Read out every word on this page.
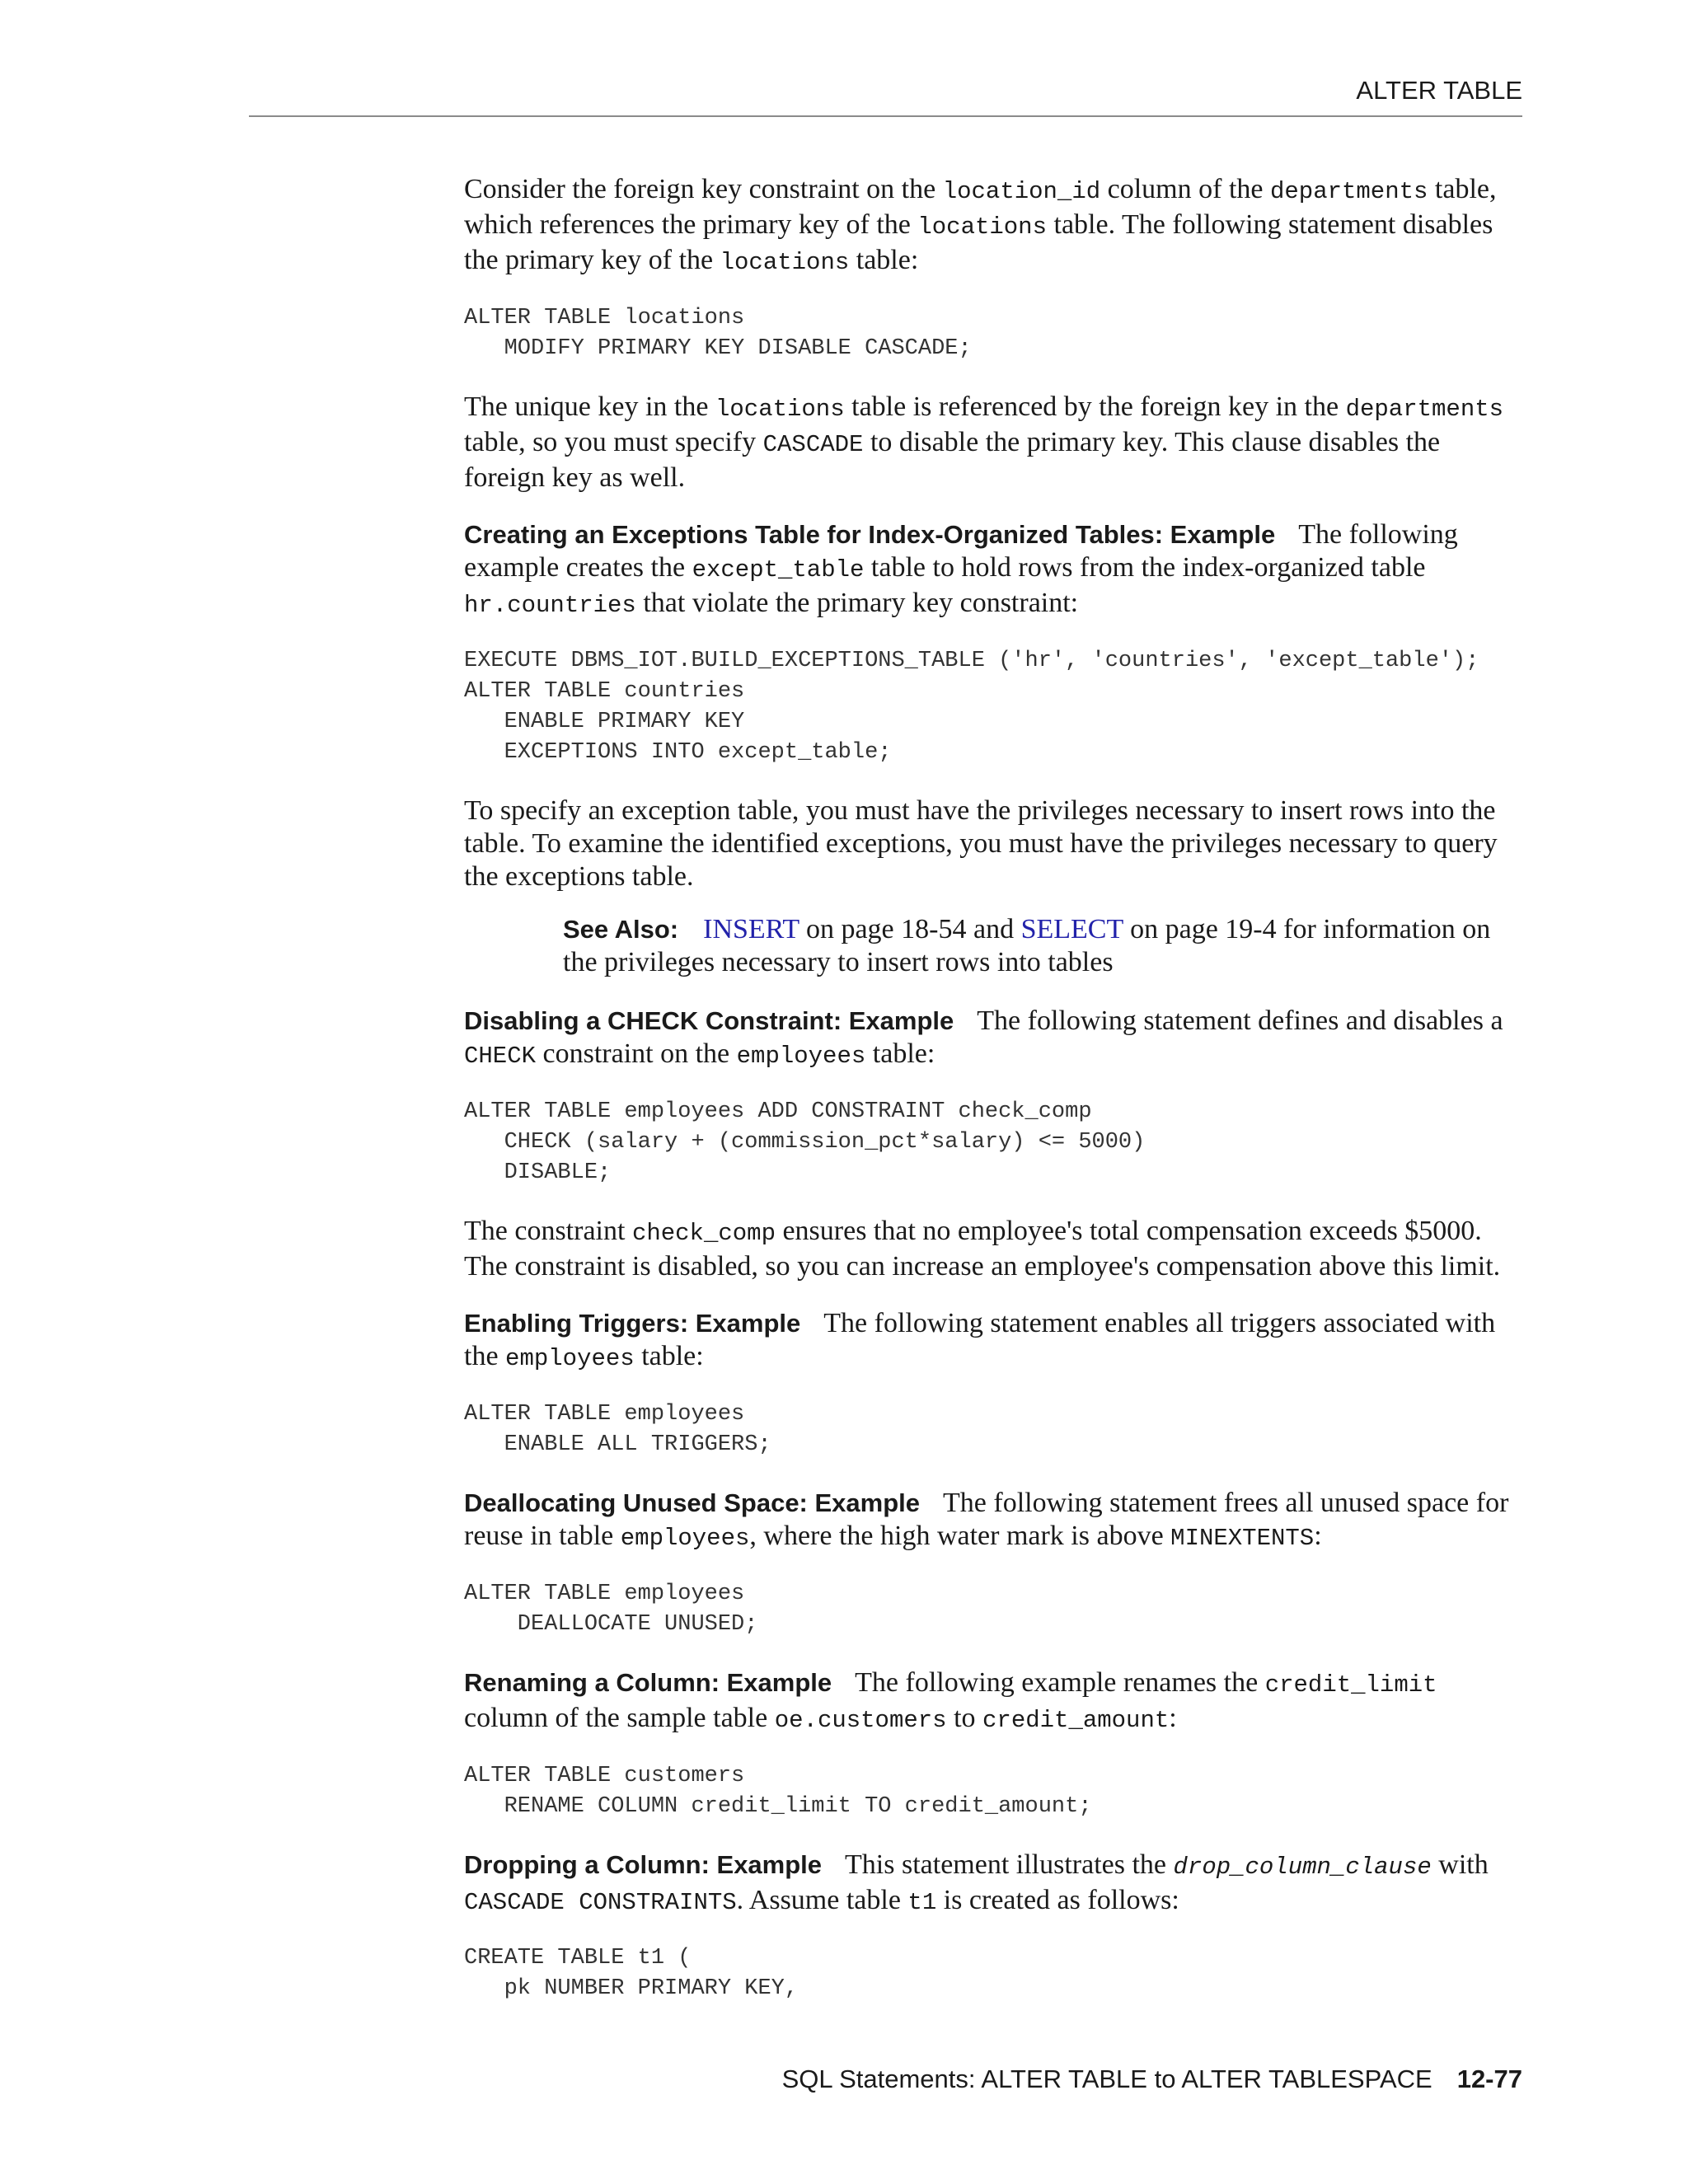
ALTER TABLE

Consider the foreign key constraint on the location_id column of the departments table, which references the primary key of the locations table. The following statement disables the primary key of the locations table:

ALTER TABLE locations
MODIFY PRIMARY KEY DISABLE CASCADE;

The unique key in the locations table is referenced by the foreign key in the departments table, so you must specify CASCADE to disable the primary key. This clause disables the foreign key as well.

Creating an Exceptions Table for Index-Organized Tables: Example The following example creates the except_table table to hold rows from the index-organized table hr.countries that violate the primary key constraint:

EXECUTE DBMS_IOT.BUILD_EXCEPTIONS_TABLE ('hr', 'countries', 'except_table');
ALTER TABLE countries
ENABLE PRIMARY KEY
EXCEPTIONS INTO except_table;

To specify an exception table, you must have the privileges necessary to insert rows into the table. To examine the identified exceptions, you must have the privileges necessary to query the exceptions table.

See Also: INSERT on page 18-54 and SELECT on page 19-4 for information on the privileges necessary to insert rows into tables

Disabling a CHECK Constraint: Example The following statement defines and disables a CHECK constraint on the employees table:

ALTER TABLE employees ADD CONSTRAINT check_comp
CHECK (salary + (commission_pct*salary) <= 5000)
DISABLE;

The constraint check_comp ensures that no employee's total compensation exceeds $5000. The constraint is disabled, so you can increase an employee's compensation above this limit.

Enabling Triggers: Example The following statement enables all triggers associated with the employees table:

ALTER TABLE employees
ENABLE ALL TRIGGERS;

Deallocating Unused Space: Example The following statement frees all unused space for reuse in table employees, where the high water mark is above MINEXTENTS:

ALTER TABLE employees
DEALLOCATE UNUSED;

Renaming a Column: Example The following example renames the credit_limit column of the sample table oe.customers to credit_amount:

ALTER TABLE customers
RENAME COLUMN credit_limit TO credit_amount;

Dropping a Column: Example This statement illustrates the drop_column_clause with CASCADE CONSTRAINTS. Assume table t1 is created as follows:

CREATE TABLE t1 (
pk NUMBER PRIMARY KEY,
SQL Statements: ALTER TABLE to ALTER TABLESPACE 12-77
